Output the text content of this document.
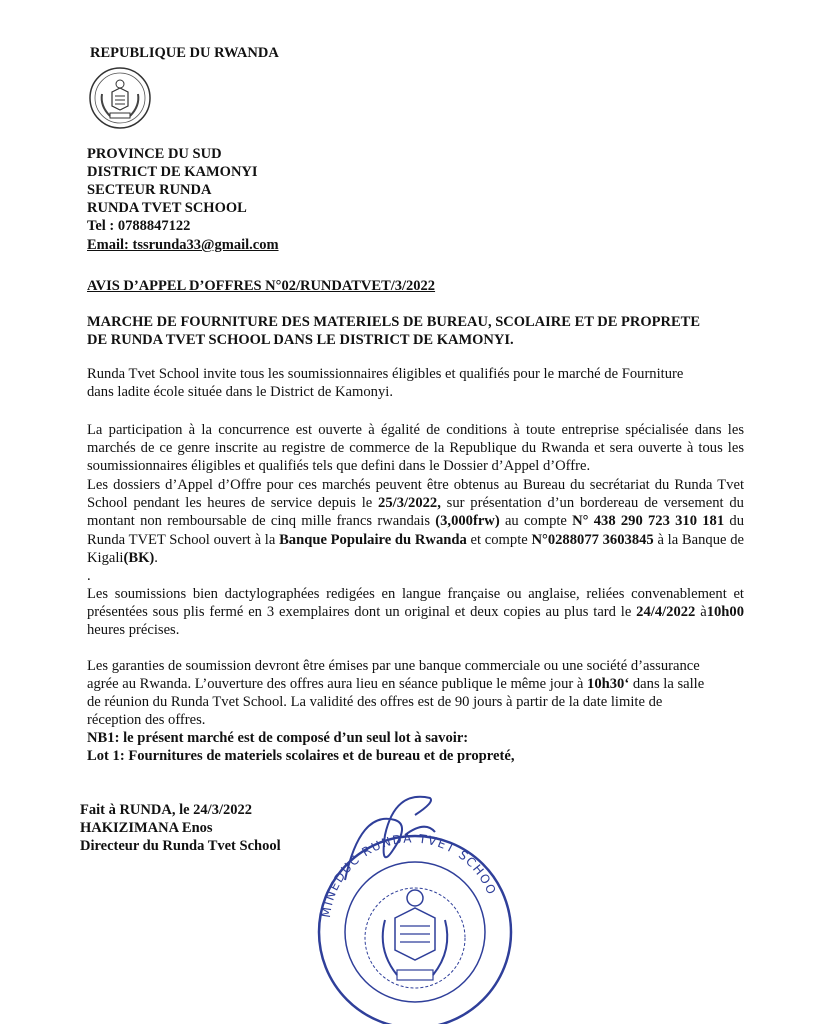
REPUBLIQUE DU RWANDA
PROVINCE DU SUD
DISTRICT DE KAMONYI
SECTEUR RUNDA
RUNDA TVET SCHOOL
Tel : 0788847122
Email: tssrunda33@gmail.com
AVIS D’APPEL D’OFFRES N°02/RUNDATVET/3/2022
MARCHE DE FOURNITURE DES MATERIELS DE BUREAU, SCOLAIRE ET DE PROPRETE
DE RUNDA TVET SCHOOL DANS LE DISTRICT DE KAMONYI.
Runda Tvet School invite tous les soumissionnaires éligibles et qualifiés pour le marché de Fourniture
dans ladite école située dans le District de Kamonyi.
La participation à la concurrence est ouverte à égalité de conditions à toute entreprise spécialisée dans les marchés de ce genre inscrite au registre de commerce de la Republique du Rwanda et sera ouverte à tous les soumissionnaires éligibles et qualifiés tels que defini dans le Dossier d’Appel d’Offre.
Les dossiers d’Appel d’Offre pour ces marchés peuvent être obtenus au Bureau du secrétariat du Runda Tvet School pendant les heures de service depuis le 25/3/2022, sur présentation d’un bordereau de versement du montant non remboursable de cinq mille francs rwandais (3,000frw) au compte N° 438 290 723 310 181 du Runda TVET School ouvert à la Banque Populaire du Rwanda et compte N°0288077 3603845 à la Banque de Kigali(BK).
.
Les soumissions bien dactylographées redigées en langue française ou anglaise, reliées convenablement et présentées sous plis fermé en 3 exemplaires dont un original et deux copies au plus tard le 24/4/2022 à10h00 heures précises.
Les garanties de soumission devront être émises par une banque commerciale ou une société d’assurance
agrée au Rwanda. L’ouverture des offres aura lieu en séance publique le même jour à 10h30‘ dans la salle
de réunion du Runda Tvet School. La validité des offres est de 90 jours à partir de la date limite de
réception des offres.
NB1: le présent marché est de composé d’un seul lot à savoir:
Lot 1: Fournitures de materiels scolaires et de bureau et de propreté,
Fait à RUNDA, le 24/3/2022
HAKIZIMANA Enos
Directeur du Runda Tvet School
MINEDUC RUNDA TVET SCHOO
